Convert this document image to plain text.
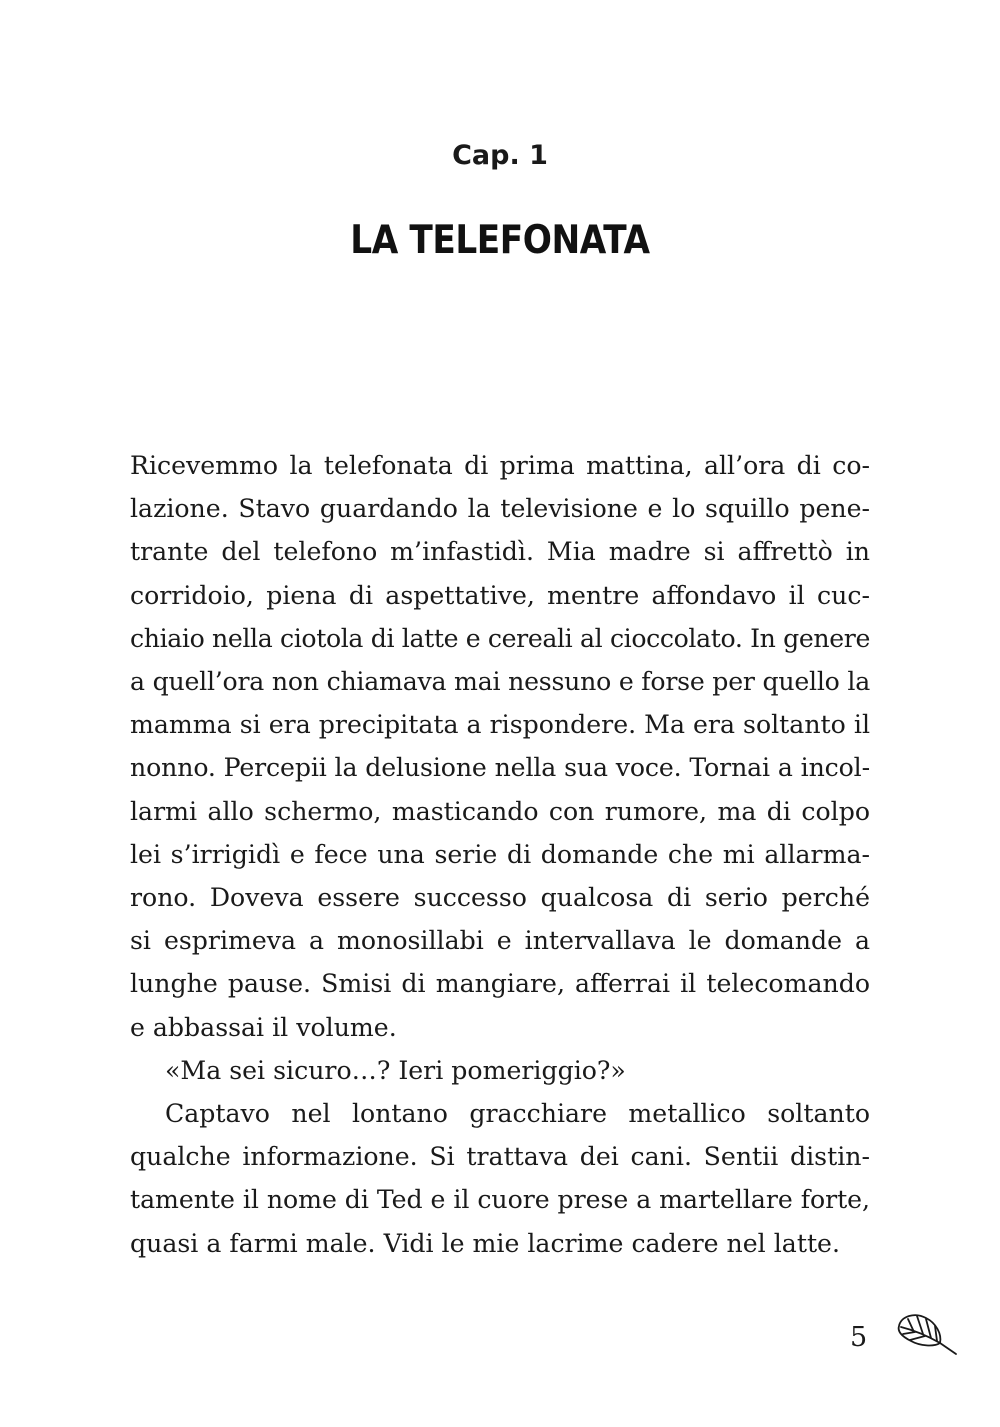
Cap. 1
LA TELEFONATA
Ricevemmo la telefonata di prima mattina, all’ora di co-
lazione. Stavo guardando la televisione e lo squillo pene-
trante del telefono m’infastidì. Mia madre si affrettò in
corridoio, piena di aspettative, mentre affondavo il cuc-
chiaio nella ciotola di latte e cereali al cioccolato. In genere
a quell’ora non chiamava mai nessuno e forse per quello la
mamma si era precipitata a rispondere. Ma era soltanto il
nonno. Percepii la delusione nella sua voce. Tornai a incol-
larmi allo schermo, masticando con rumore, ma di colpo
lei s’irrigidì e fece una serie di domande che mi allarma-
rono. Doveva essere successo qualcosa di serio perché
si esprimeva a monosillabi e intervallava le domande a
lunghe pause. Smisi di mangiare, afferrai il telecomando
e abbassai il volume.
«Ma sei sicuro…? Ieri pomeriggio?»
Captavo nel lontano gracchiare metallico soltanto
qualche informazione. Si trattava dei cani. Sentii distin-
tamente il nome di Ted e il cuore prese a martellare forte,
quasi a farmi male. Vidi le mie lacrime cadere nel latte.
5
